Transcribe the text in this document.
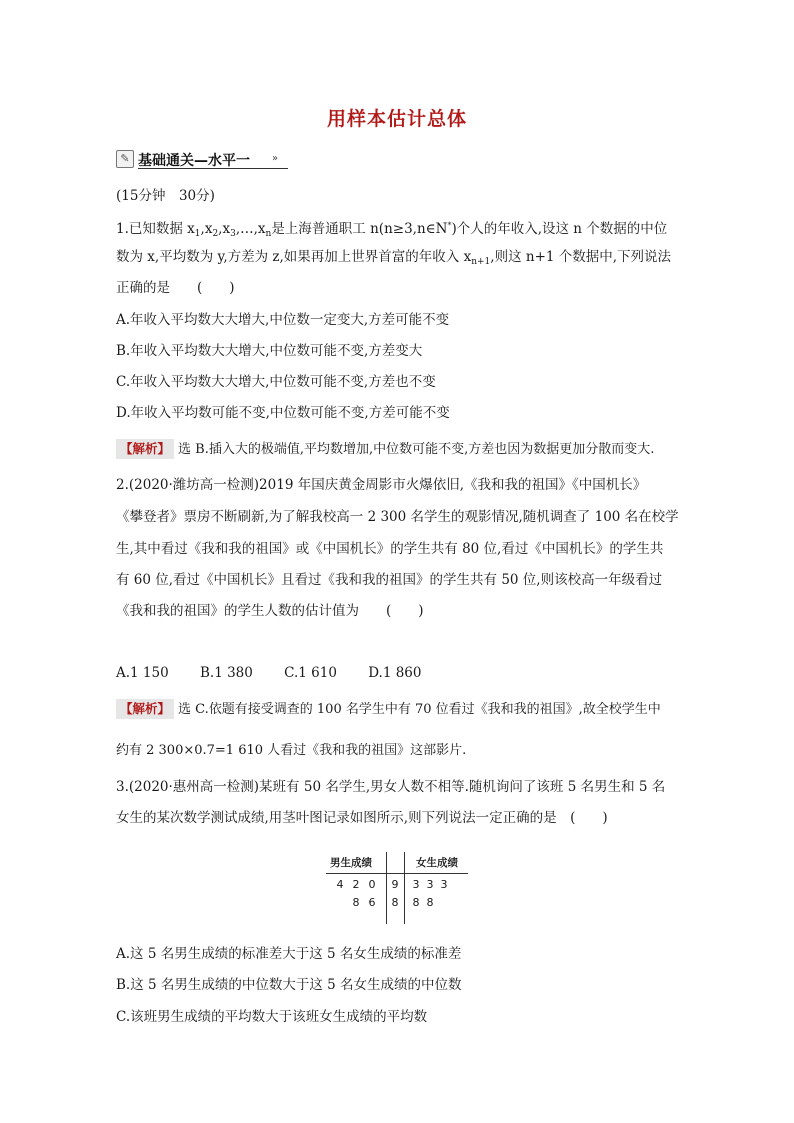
用样本估计总体
✎ 基础通关—水平一 »
(15分钟　30分)
1.已知数据 $x_1,x_2,x_3,\dots,x_n$是上海普通职工 n(n≥3,n∈N*)个人的年收入,设这 n 个数据的中位
数为 x,平均数为 y,方差为 z,如果再加上世界首富的年收入 $x_{n+1}$,则这 n+1 个数据中,下列说法
正确的是　　(　　)
A.年收入平均数大大增大,中位数一定变大,方差可能不变
B.年收入平均数大大增大,中位数可能不变,方差变大
C.年收入平均数大大增大,中位数可能不变,方差也不变
D.年收入平均数可能不变,中位数可能不变,方差可能不变
【解析】 选 B.插入大的极端值,平均数增加,中位数可能不变,方差也因为数据更加分散而变大.
2.(2020·潍坊高一检测)2019 年国庆黄金周影市火爆依旧,《我和我的祖国》《中国机长》
《攀登者》票房不断刷新,为了解我校高一 2 300 名学生的观影情况,随机调查了 100 名在校学
生,其中看过《我和我的祖国》或《中国机长》的学生共有 80 位,看过《中国机长》的学生共
有 60 位,看过《中国机长》且看过《我和我的祖国》的学生共有 50 位,则该校高一年级看过
《我和我的祖国》的学生人数的估计值为　　(　　)
A.1 150　　 B.1 380　　 C.1 610　　 D.1 860
【解析】 选 C.依题有接受调查的 100 名学生中有 70 位看过《我和我的祖国》,故全校学生中
约有 2 300×0.7=1 610 人看过《我和我的祖国》这部影片.
3.(2020·惠州高一检测)某班有 50 名学生,男女人数不相等.随机询问了该班 5 名男生和 5 名
女生的某次数学测试成绩,用茎叶图记录如图所示,则下列说法一定正确的是　(　　)
男生成绩	女生成绩
4 2 0 9 3 3 3
8 6 8 8 8
A.这 5 名男生成绩的标准差大于这 5 名女生成绩的标准差
B.这 5 名男生成绩的中位数大于这 5 名女生成绩的中位数
C.该班男生成绩的平均数大于该班女生成绩的平均数
